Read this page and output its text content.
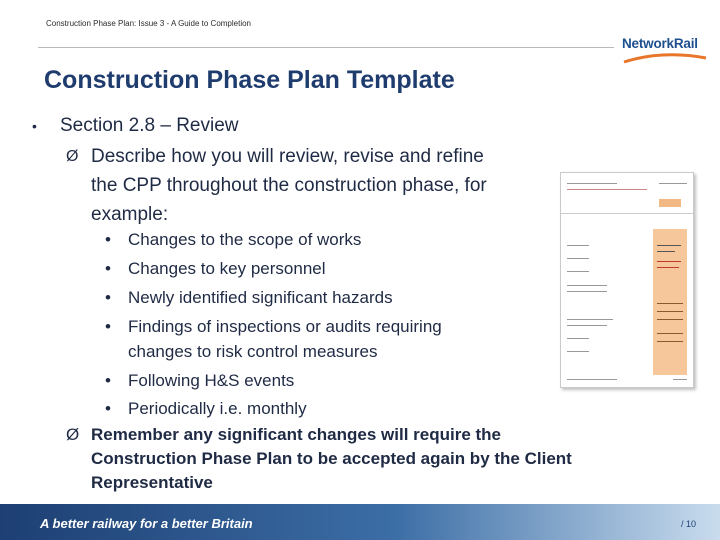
Construction Phase Plan: Issue 3 - A Guide to Completion
NetworkRail
Construction Phase Plan Template
• Section 2.8 – Review
Ø Describe how you will review, revise and refine
the CPP throughout the construction phase, for
example:
• Changes to the scope of works
• Changes to key personnel
• Newly identified significant hazards
• Findings of inspections or audits requiring
changes to risk control measures
• Following H&S events
• Periodically i.e. monthly
Ø Remember any significant changes will require the
Construction Phase Plan to be accepted again by the Client
Representative
A better railway for a better Britain	/ 10
